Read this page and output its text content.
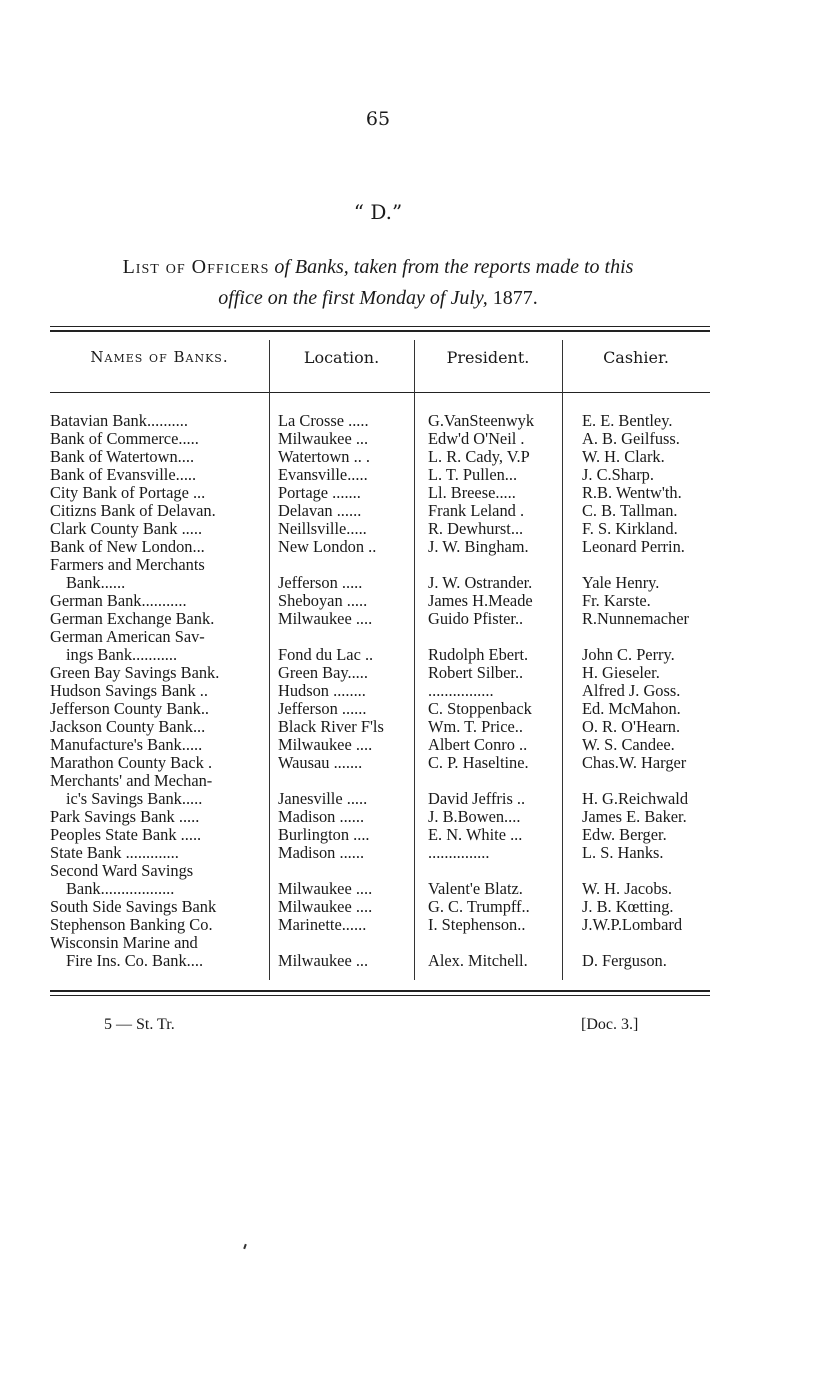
65
“ D.”
List of Officers of Banks, taken from the reports made to this
office on the first Monday of July, 1877.
Names of Banks.	Location.	President.	Cashier.
Batavian Bank..........	La Crosse .....	G.VanSteenwyk	E. E. Bentley.
Bank of Commerce.....	Milwaukee ...	Edw'd O'Neil .	A. B. Geilfuss.
Bank of Watertown....	Watertown .. .	L. R. Cady, V.P	W. H. Clark.
Bank of Evansville.....	Evansville.....	L. T. Pullen...	J. C.Sharp.
City Bank of Portage ...	Portage .......	Ll. Breese.....	R.B. Wentw'th.
Citizns Bank of Delavan.	Delavan ......	Frank Leland .	C. B. Tallman.
Clark County Bank .....	Neillsville.....	R. Dewhurst...	F. S. Kirkland.
Bank of New London...	New London ..	J. W. Bingham.	Leonard Perrin.
Farmers and Merchants			
Bank......	Jefferson .....	J. W. Ostrander.	Yale Henry.
German Bank...........	Sheboyan .....	James H.Meade	Fr. Karste.
German Exchange Bank.	Milwaukee ....	Guido Pfister..	R.Nunnemacher
German American Sav-			
ings Bank...........	Fond du Lac ..	Rudolph Ebert.	John C. Perry.
Green Bay Savings Bank.	Green Bay.....	Robert Silber..	H. Gieseler.
Hudson Savings Bank ..	Hudson ........	................	Alfred J. Goss.
Jefferson County Bank..	Jefferson ......	C. Stoppenback	Ed. McMahon.
Jackson County Bank...	Black River F'ls	Wm. T. Price..	O. R. O'Hearn.
Manufacture's Bank.....	Milwaukee ....	Albert Conro ..	W. S. Candee.
Marathon County Back .	Wausau .......	C. P. Haseltine.	Chas.W. Harger
Merchants' and Mechan-			
ic's Savings Bank.....	Janesville .....	David Jeffris ..	H. G.Reichwald
Park Savings Bank .....	Madison ......	J. B.Bowen....	James E. Baker.
Peoples State Bank .....	Burlington ....	E. N. White ...	Edw. Berger.
State Bank .............	Madison ......	...............	L. S. Hanks.
Second Ward Savings			
Bank..................	Milwaukee ....	Valent'e Blatz.	W. H. Jacobs.
South Side Savings Bank	Milwaukee ....	G. C. Trumpff..	J. B. Kœtting.
Stephenson Banking Co.	Marinette......	I. Stephenson..	J.W.P.Lombard
Wisconsin Marine and			
Fire Ins. Co. Bank....	Milwaukee ...	Alex. Mitchell.	D. Ferguson.
5 — St. Tr.	[Doc. 3.]
